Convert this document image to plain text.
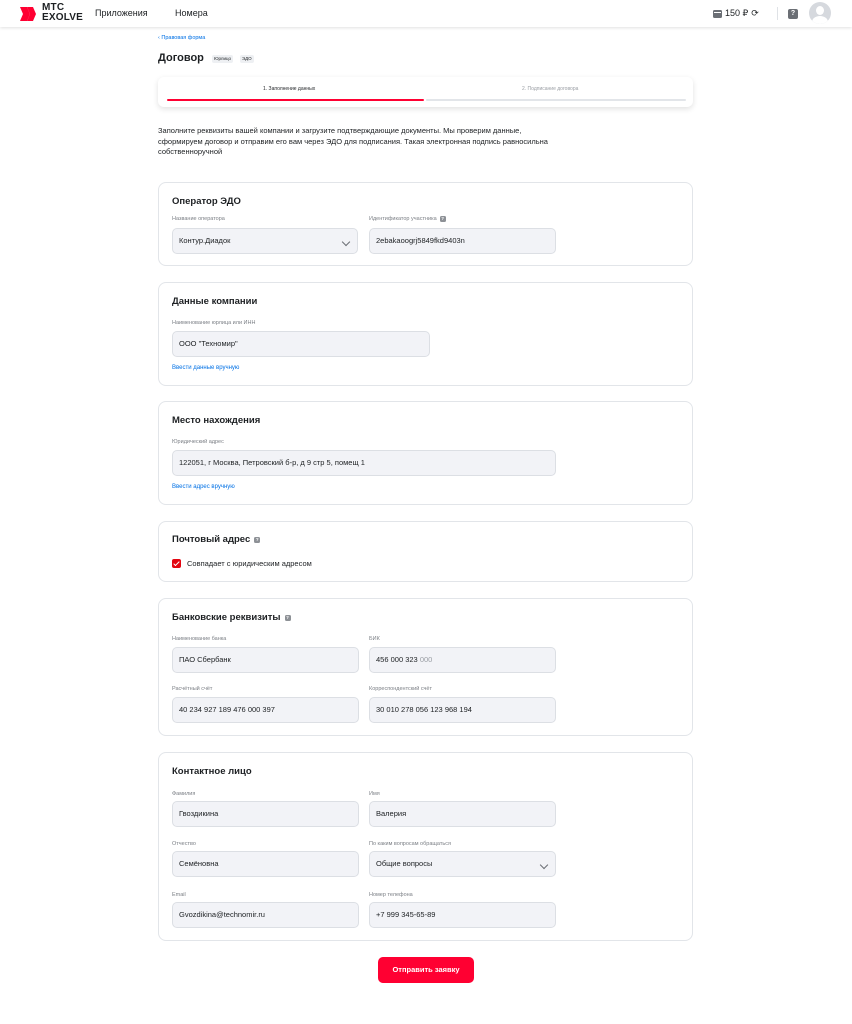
МТС
EXOLVE Приложения	Номера	150 ₽ ⟳	?
‹ Правовая форма
Договор	Юрлицо	ЭДО
1. Заполнение данных	2. Подписание договора
Заполните реквизиты вашей компании и загрузите подтверждающие документы. Мы проверим данные, сформируем договор и отправим его вам через ЭДО для подписания. Такая электронная подпись равносильна собственноручной
Оператор ЭДО
Название оператора
Контур.Диадок
Идентификатор участника	?
2ebakaoogrj5849fkd9403n
Данные компании
Наименование юрлица или ИНН
ООО "Техномир"
Ввести данные вручную
Место нахождения
Юридический адрес
122051, г Москва, Петровский б-р, д 9 стр 5, помещ 1
Ввести адрес вручную
Почтовый адрес	?
Совпадает с юридическим адресом
Банковские реквизиты	?
Наименование банка
ПАО Сбербанк
БИК
456 000 323 000
Расчётный счёт
40 234 927 189 476 000 397
Корреспондентский счёт
30 010 278 056 123 968 194
Контактное лицо
Фамилия
Гвоздикина
Имя
Валерия
Отчество
Семёновна
По каким вопросам обращаться
Общие вопросы
Email
Gvozdikina@technomir.ru
Номер телефона
+7 999 345-65-89
Отправить заявку
